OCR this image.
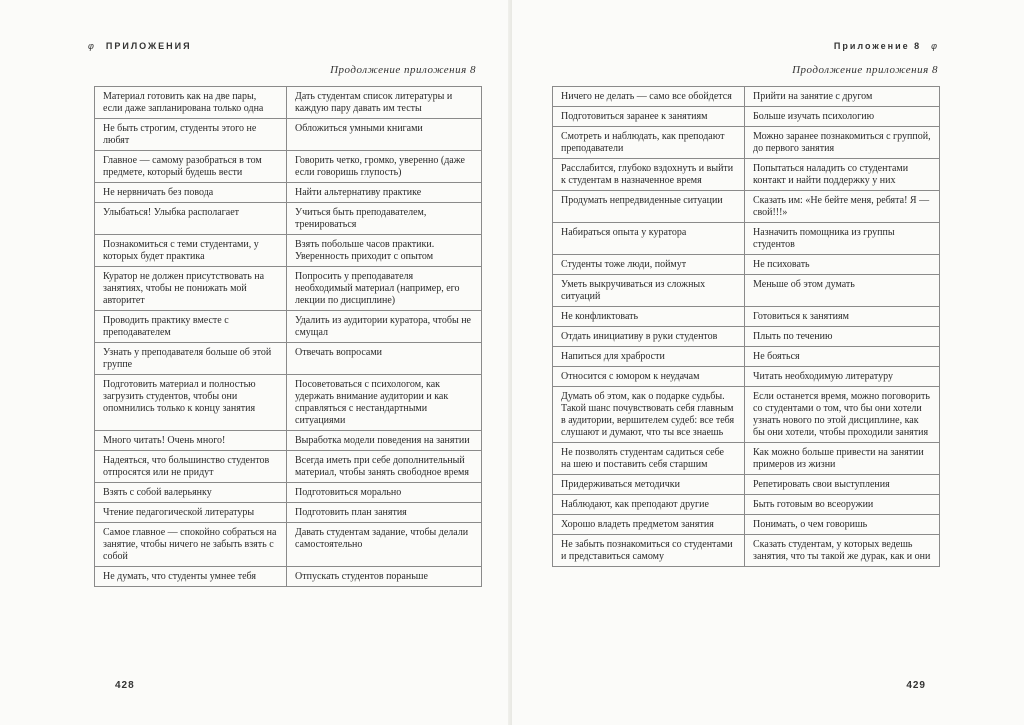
φ ПРИЛОЖЕНИЯ
Продолжение приложения 8
Материал готовить как на две пары, если даже запланирована только одна	Дать студентам список литературы и каждую пару давать им тесты
Не быть строгим, студенты этого не любят	Обложиться умными книгами
Главное — самому разобраться в том предмете, который будешь вести	Говорить четко, громко, уверенно (даже если говоришь глупость)
Не нервничать без повода	Найти альтернативу практике
Улыбаться! Улыбка располагает	Учиться быть преподавателем, тренироваться
Познакомиться с теми студентами, у которых будет практика	Взять побольше часов практики. Уверенность приходит с опытом
Куратор не должен присутствовать на занятиях, чтобы не понижать мой авторитет	Попросить у преподавателя необходимый материал (например, его лекции по дисциплине)
Проводить практику вместе с преподавателем	Удалить из аудитории куратора, чтобы не смущал
Узнать у преподавателя больше об этой группе	Отвечать вопросами
Подготовить материал и полностью загрузить студентов, чтобы они опомнились только к концу занятия	Посоветоваться с психологом, как удержать внимание аудитории и как справляться с нестандартными ситуациями
Много читать! Очень много!	Выработка модели поведения на занятии
Надеяться, что большинство студентов отпросятся или не придут	Всегда иметь при себе дополнительный материал, чтобы занять свободное время
Взять с собой валерьянку	Подготовиться морально
Чтение педагогической литературы	Подготовить план занятия
Самое главное — спокойно собраться на занятие, чтобы ничего не забыть взять с собой	Давать студентам задание, чтобы делали самостоятельно
Не думать, что студенты умнее тебя	Отпускать студентов пораньше
428
Приложение 8 φ
Продолжение приложения 8
Ничего не делать — само все обойдется	Прийти на занятие с другом
Подготовиться заранее к занятиям	Больше изучать психологию
Смотреть и наблюдать, как преподают преподаватели	Можно заранее познакомиться с группой, до первого занятия
Расслабится, глубоко вздохнуть и выйти к студентам в назначенное время	Попытаться наладить со студентами контакт и найти поддержку у них
Продумать непредвиденные ситуации	Сказать им: «Не бейте меня, ребята! Я — свой!!!»
Набираться опыта у куратора	Назначить помощника из группы студентов
Студенты тоже люди, поймут	Не психовать
Уметь выкручиваться из сложных ситуаций	Меньше об этом думать
Не конфликтовать	Готовиться к занятиям
Отдать инициативу в руки студентов	Плыть по течению
Напиться для храбрости	Не бояться
Относится с юмором к неудачам	Читать необходимую литературу
Думать об этом, как о подарке судьбы. Такой шанс почувствовать себя главным в аудитории, вершителем судеб: все тебя слушают и думают, что ты все знаешь	Если останется время, можно поговорить со студентами о том, что бы они хотели узнать нового по этой дисциплине, как бы они хотели, чтобы проходили занятия
Не позволять студентам садиться себе на шею и поставить себя старшим	Как можно больше привести на занятии примеров из жизни
Придерживаться методички	Репетировать свои выступления
Наблюдают, как преподают другие	Быть готовым во всеоружии
Хорошо владеть предметом занятия	Понимать, о чем говоришь
Не забыть познакомиться со студентами и представиться самому	Сказать студентам, у которых ведешь занятия, что ты такой же дурак, как и они
429
